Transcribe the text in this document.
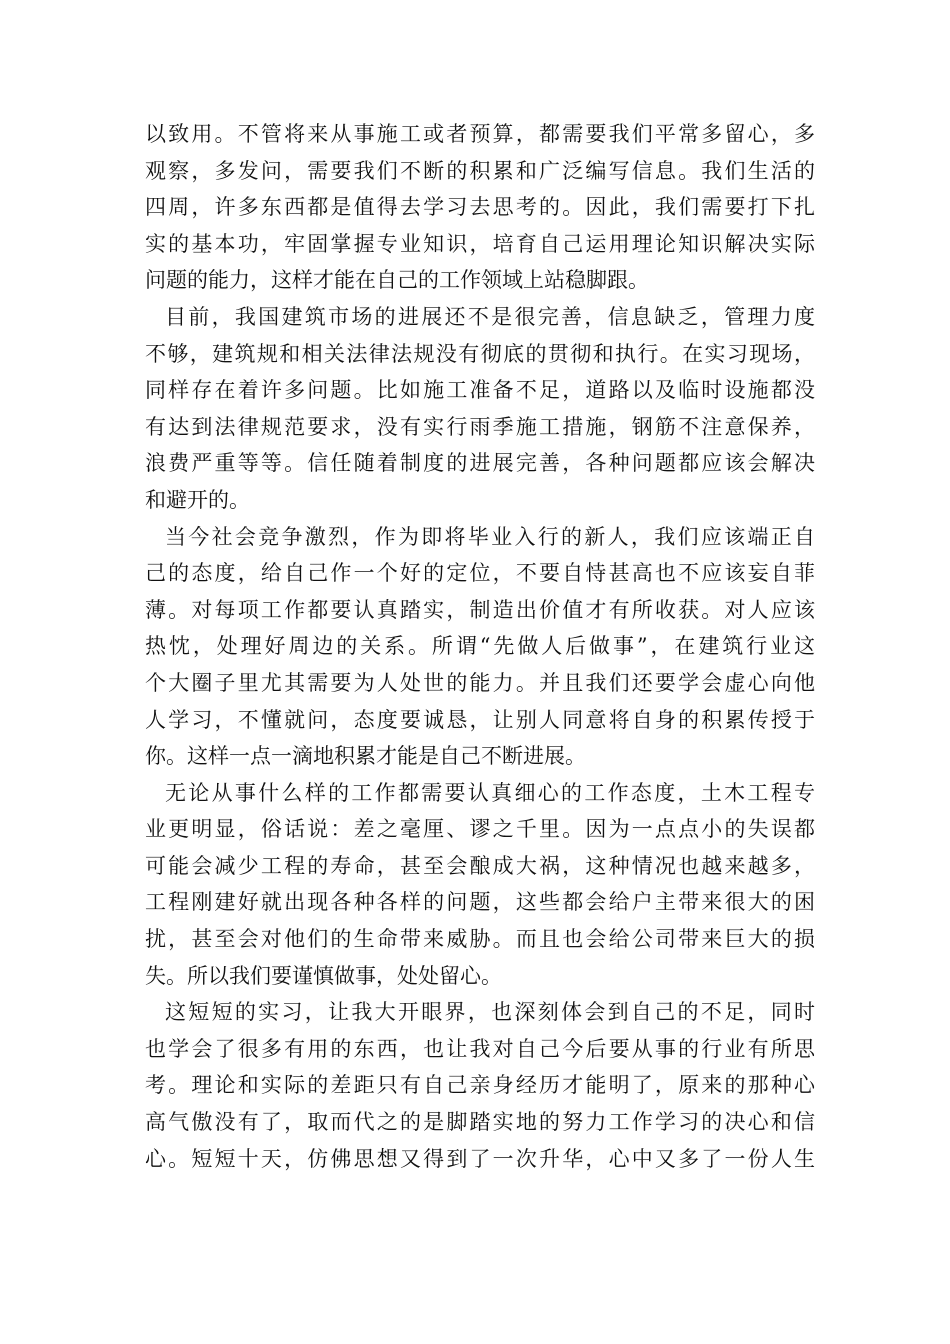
以致用。不管将来从事施工或者预算，都需要我们平常多留心，多
观察，多发问，需要我们不断的积累和广泛编写信息。我们生活的
四周，许多东西都是值得去学习去思考的。因此，我们需要打下扎
实的基本功，牢固掌握专业知识，培育自己运用理论知识解决实际
问题的能力，这样才能在自己的工作领域上站稳脚跟。
目前，我国建筑市场的进展还不是很完善，信息缺乏，管理力度
不够，建筑规和相关法律法规没有彻底的贯彻和执行。在实习现场，
同样存在着许多问题。比如施工准备不足，道路以及临时设施都没
有达到法律规范要求，没有实行雨季施工措施，钢筋不注意保养，
浪费严重等等。信任随着制度的进展完善，各种问题都应该会解决
和避开的。
当今社会竞争激烈，作为即将毕业入行的新人，我们应该端正自
己的态度，给自己作一个好的定位，不要自恃甚高也不应该妄自菲
薄。对每项工作都要认真踏实，制造出价值才有所收获。对人应该
热忱，处理好周边的关系。所谓“先做人后做事”，在建筑行业这
个大圈子里尤其需要为人处世的能力。并且我们还要学会虚心向他
人学习，不懂就问，态度要诚恳，让别人同意将自身的积累传授于
你。这样一点一滴地积累才能是自己不断进展。
无论从事什么样的工作都需要认真细心的工作态度，土木工程专
业更明显，俗话说：差之毫厘、谬之千里。因为一点点小的失误都
可能会减少工程的寿命，甚至会酿成大祸，这种情况也越来越多，
工程刚建好就出现各种各样的问题，这些都会给户主带来很大的困
扰，甚至会对他们的生命带来威胁。而且也会给公司带来巨大的损
失。所以我们要谨慎做事，处处留心。
这短短的实习，让我大开眼界，也深刻体会到自己的不足，同时
也学会了很多有用的东西，也让我对自己今后要从事的行业有所思
考。理论和实际的差距只有自己亲身经历才能明了，原来的那种心
高气傲没有了，取而代之的是脚踏实地的努力工作学习的决心和信
心。短短十天，仿佛思想又得到了一次升华，心中又多了一份人生
